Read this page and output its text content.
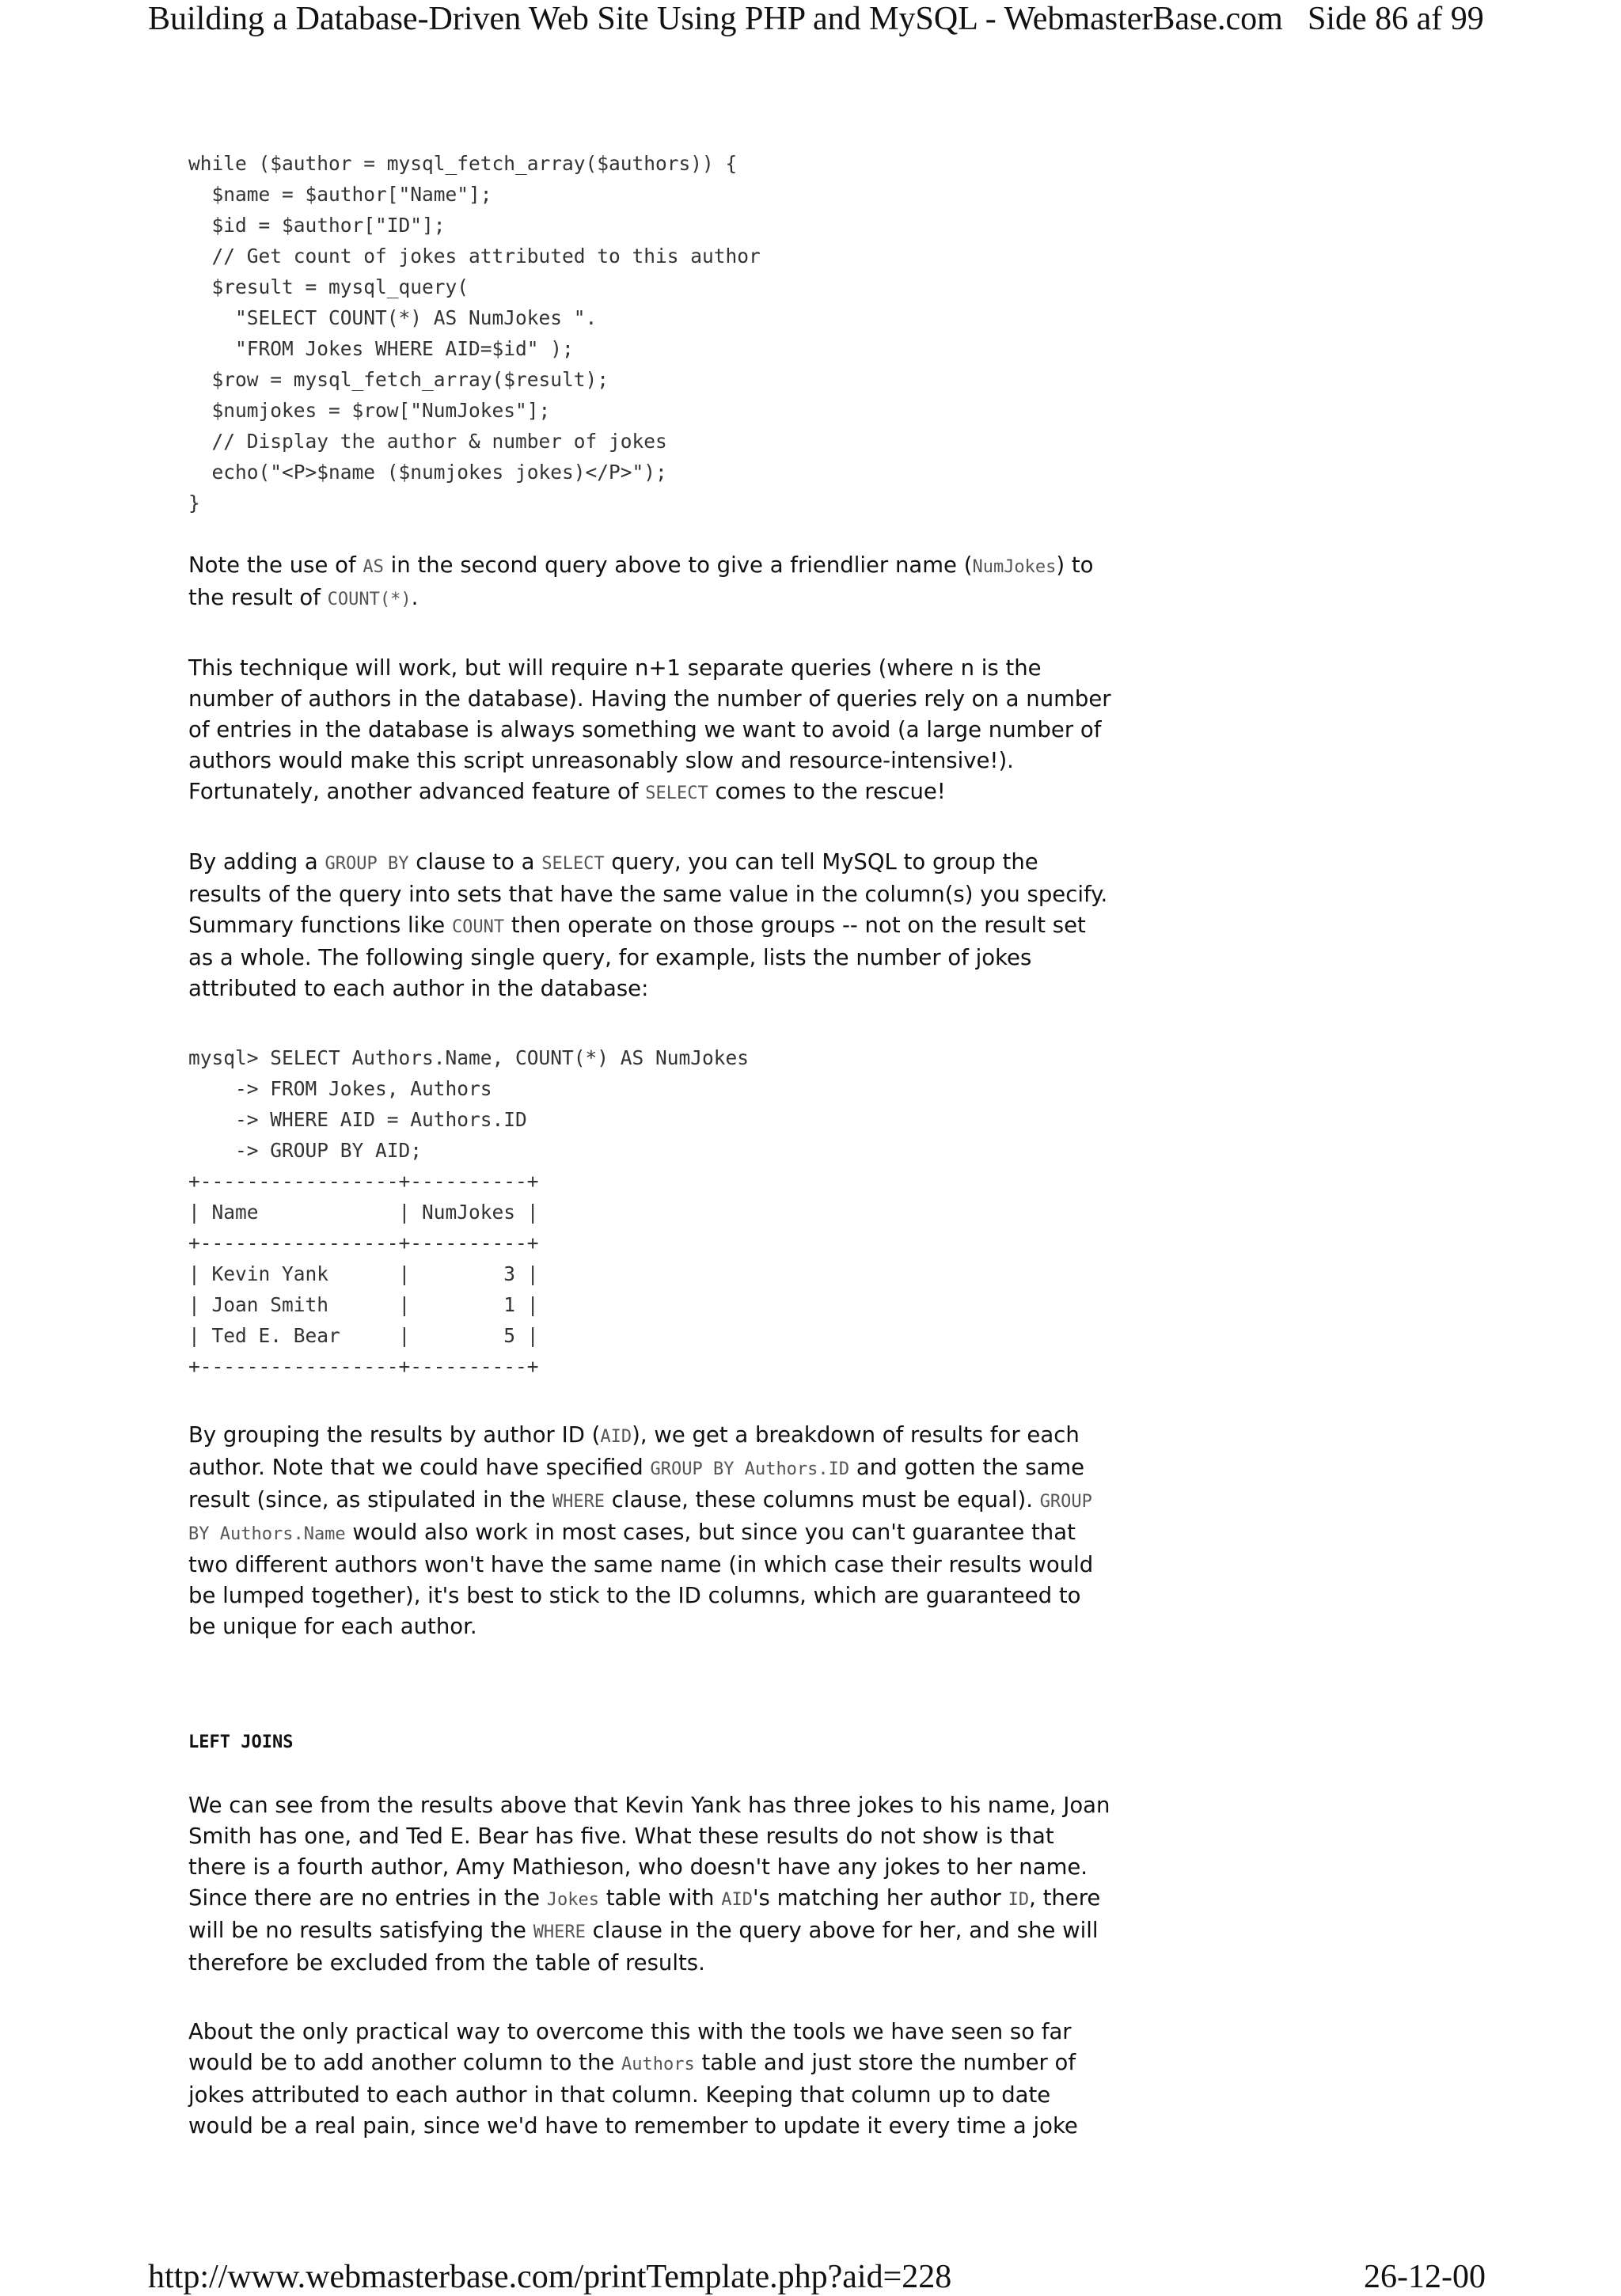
Building a Database-Driven Web Site Using PHP and MySQL - WebmasterBase.com Side 86 af 99
while ($author = mysql_fetch_array($authors)) {
$name = $author["Name"];
$id = $author["ID"];
// Get count of jokes attributed to this author
$result = mysql_query(
"SELECT COUNT(*) AS NumJokes ".
"FROM Jokes WHERE AID=$id" );
$row = mysql_fetch_array($result);
$numjokes = $row["NumJokes"];
// Display the author & number of jokes
echo("<P>$name ($numjokes jokes)</P>");
}

Note the use of AS in the second query above to give a friendlier name (NumJokes) to the result of COUNT(*).

This technique will work, but will require n+1 separate queries (where n is the number of authors in the database). Having the number of queries rely on a number of entries in the database is always something we want to avoid (a large number of authors would make this script unreasonably slow and resource-intensive!). Fortunately, another advanced feature of SELECT comes to the rescue!

By adding a GROUP BY clause to a SELECT query, you can tell MySQL to group the results of the query into sets that have the same value in the column(s) you specify. Summary functions like COUNT then operate on those groups -- not on the result set as a whole. The following single query, for example, lists the number of jokes attributed to each author in the database:

mysql> SELECT Authors.Name, COUNT(*) AS NumJokes
-> FROM Jokes, Authors
-> WHERE AID = Authors.ID
-> GROUP BY AID;
+-----------------+----------+
| Name            | NumJokes |
+-----------------+----------+
| Kevin Yank      |        3 |
| Joan Smith      |        1 |
| Ted E. Bear     |        5 |
+-----------------+----------+

By grouping the results by author ID (AID), we get a breakdown of results for each author. Note that we could have specified GROUP BY Authors.ID and gotten the same result (since, as stipulated in the WHERE clause, these columns must be equal). GROUP BY Authors.Name would also work in most cases, but since you can't guarantee that two different authors won't have the same name (in which case their results would be lumped together), it's best to stick to the ID columns, which are guaranteed to be unique for each author.

LEFT JOINS

We can see from the results above that Kevin Yank has three jokes to his name, Joan Smith has one, and Ted E. Bear has five. What these results do not show is that there is a fourth author, Amy Mathieson, who doesn't have any jokes to her name. Since there are no entries in the Jokes table with AID's matching her author ID, there will be no results satisfying the WHERE clause in the query above for her, and she will therefore be excluded from the table of results.

About the only practical way to overcome this with the tools we have seen so far would be to add another column to the Authors table and just store the number of jokes attributed to each author in that column. Keeping that column up to date would be a real pain, since we'd have to remember to update it every time a joke

http://www.webmasterbase.com/printTemplate.php?aid=228	26-12-00
